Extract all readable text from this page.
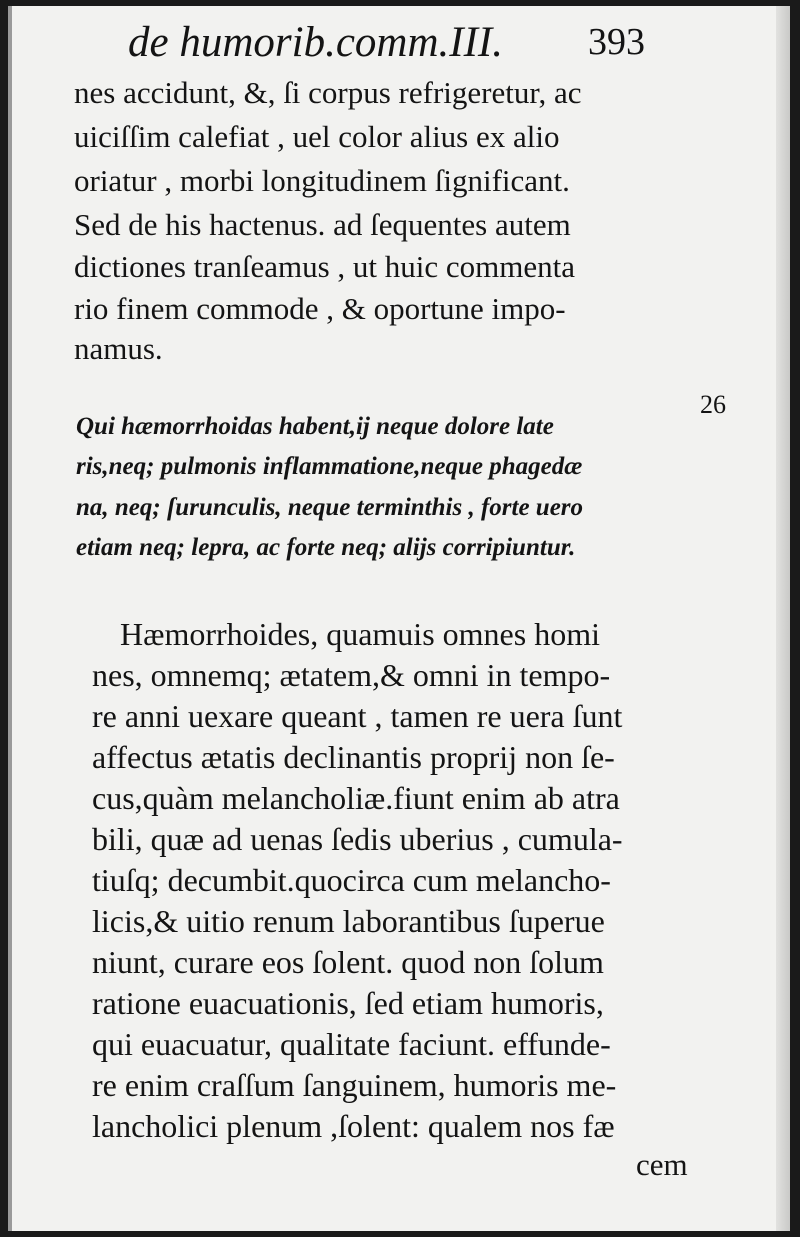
de humorib.comm.III. 393
nes accidunt, &, ſi corpus refrigeretur, ac
uiciſſim calefiat , uel color alius ex alio
oriatur , morbi longitudinem ſignificant.
Sed de his hactenus. ad ſequentes autem
dictiones tranſeamus , ut huic commenta
rio finem commode , & oportune impo-
namus.
26
Qui hæmorrhoidas habent,ij neque dolore late
ris,neq; pulmonis inflammatione,neque phagedæ
na, neq; ſurunculis, neque terminthis , forte uero
etiam neq; lepra, ac forte neq; aliјs corripiuntur.
Hæmorrhoides, quamuis omnes homi
nes, omnemq; ætatem,& omni in tempo-
re anni uexare queant , tamen re uera ſunt
affectus ætatis declinantis proprij non ſe-
cus,quàm melancholiæ.fiunt enim ab atra
bili, quæ ad uenas ſedis uberius , cumula-
tiuſq; decumbit.quocirca cum melancho-
licis,& uitio renum laborantibus ſuperue
niunt, curare eos ſolent. quod non ſolum
ratione euacuationis, ſed etiam humoris,
qui euacuatur, qualitate faciunt. effunde-
re enim craſſum ſanguinem, humoris me-
lancholici plenum ,ſolent: qualem nos fæ
cem
